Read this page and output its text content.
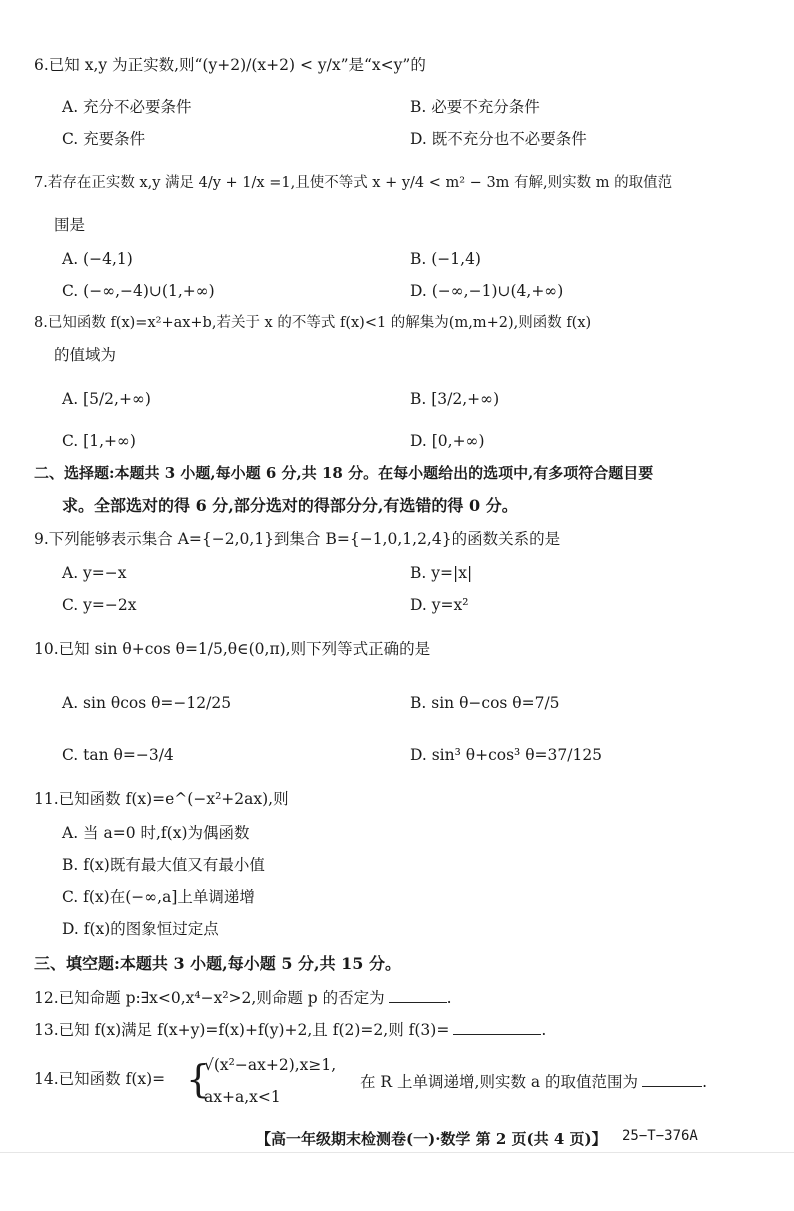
6.已知 x,y 为正实数,则“(y+2)/(x+2) < y/x”是“x<y”的
A. 充分不必要条件	B. 必要不充分条件
C. 充要条件	D. 既不充分也不必要条件
7.若存在正实数 x,y 满足 4/y + 1/x =1,且使不等式 x + y/4 < m² − 3m 有解,则实数 m 的取值范
围是
A. (−4,1)	B. (−1,4)
C. (−∞,−4)∪(1,+∞)	D. (−∞,−1)∪(4,+∞)
8.已知函数 f(x)=x²+ax+b,若关于 x 的不等式 f(x)<1 的解集为(m,m+2),则函数 f(x)
的值域为
A. [5/2,+∞)	B. [3/2,+∞)
C. [1,+∞)	D. [0,+∞)
二、选择题:本题共 3 小题,每小题 6 分,共 18 分。在每小题给出的选项中,有多项符合题目要
求。全部选对的得 6 分,部分选对的得部分分,有选错的得 0 分。
9.下列能够表示集合 A={−2,0,1}到集合 B={−1,0,1,2,4}的函数关系的是
A. y=−x	B. y=|x|
C. y=−2x	D. y=x²
10.已知 sin θ+cos θ=1/5,θ∈(0,π),则下列等式正确的是
A. sin θcos θ=−12/25	B. sin θ−cos θ=7/5
C. tan θ=−3/4	D. sin³ θ+cos³ θ=37/125
11.已知函数 f(x)=e^(−x²+2ax),则
A. 当 a=0 时,f(x)为偶函数
B. f(x)既有最大值又有最小值
C. f(x)在(−∞,a]上单调递增
D. f(x)的图象恒过定点
三、填空题:本题共 3 小题,每小题 5 分,共 15 分。
12.已知命题 p:∃x<0,x⁴−x²>2,则命题 p 的否定为	.
13.已知 f(x)满足 f(x+y)=f(x)+f(y)+2,且 f(2)=2,则 f(3)=	.
14.已知函数 f(x)= {
√(x²−ax+2),x≥1,
ax+a,x<1
在 R 上单调递增,则实数 a 的取值范围为	.
【高一年级期末检测卷(一)·数学 第 2 页(共 4 页)】 25−T−376A
